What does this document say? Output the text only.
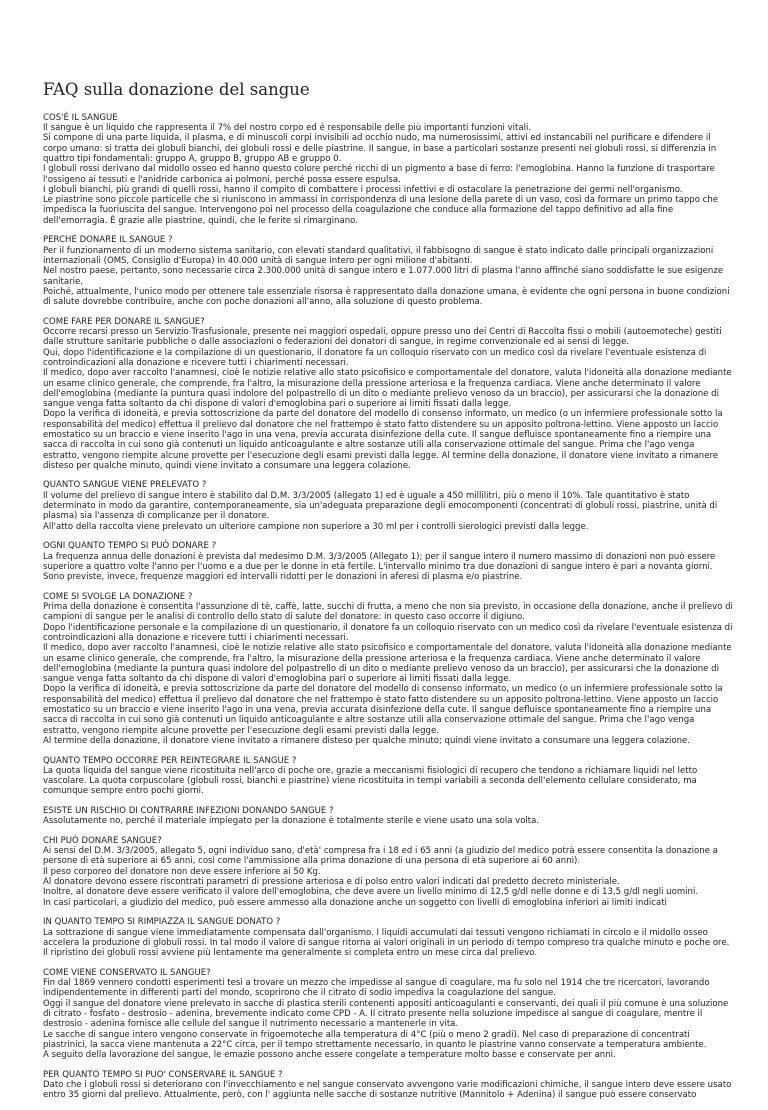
FAQ sulla donazione del sangue

COS'È IL SANGUE

Il sangue è un liquido che rappresenta il 7% del nostro corpo ed è responsabile delle più importanti funzioni vitali.

Si compone di una parte liquida, il plasma, e di minuscoli corpi invisibili ad occhio nudo, ma numerosissimi, attivi ed instancabili nel purificare e difendere il corpo umano: si tratta dei globuli bianchi, dei globuli rossi e delle piastrine. Il sangue, in base a particolari sostanze presenti nei globuli rossi, si differenzia in quattro tipi fondamentali: gruppo A, gruppo B, gruppo AB e gruppo 0.

I globuli rossi derivano dal midollo osseo ed hanno questo colore perché ricchi di un pigmento a base di ferro: l'emoglobina. Hanno la funzione di trasportare l'ossigeno ai tessuti e l'anidride carbonica ai polmoni, perché possa essere espulsa.

I globuli bianchi, più grandi di quelli rossi, hanno il compito di combattere i processi infettivi e di ostacolare la penetrazione dei germi nell'organismo.

Le piastrine sono piccole particelle che si riuniscono in ammassi in corrispondenza di una lesione della parete di un vaso, così da formare un primo tappo che impedisca la fuoriuscita del sangue. Intervengono poi nel processo della coagulazione che conduce alla formazione del tappo definitivo ad alla fine dell'emorragia. È grazie alle piastrine, quindi, che le ferite si rimarginano.

PERCHÉ DONARE IL SANGUE ?

Per il funzionamento di un moderno sistema sanitario, con elevati standard qualitativi, il fabbisogno di sangue è stato indicato dalle principali organizzazioni internazionali (OMS, Consiglio d'Europa) in 40.000 unità di sangue intero per ogni milione d'abitanti.

Nel nostro paese, pertanto, sono necessarie circa 2.300.000 unità di sangue intero e 1.077.000 litri di plasma l'anno affinché siano soddisfatte le sue esigenze sanitarie.

Poiché, attualmente, l'unico modo per ottenere tale essenziale risorsa è rappresentato dalla donazione umana, è evidente che ogni persona in buone condizioni di salute dovrebbe contribuire, anche con poche donazioni all'anno, alla soluzione di questo problema.

COME FARE PER DONARE IL SANGUE?

Occorre recarsi presso un Servizio Trasfusionale, presente nei maggiori ospedali, oppure presso uno dei Centri di Raccolta fissi o mobili (autoemoteche) gestiti dalle strutture sanitarie pubbliche o dalle associazioni o federazioni dei donatori di sangue, in regime convenzionale ed ai sensi di legge.

Qui, dopo l'identificazione e la compilazione di un questionario, il donatore fa un colloquio riservato con un medico così da rivelare l'eventuale esistenza di controindicazioni alla donazione e ricevere tutti i chiarimenti necessari.

Il medico, dopo aver raccolto l'anamnesi, cioè le notizie relative allo stato psicofisico e comportamentale del donatore, valuta l'idoneità alla donazione mediante un esame clinico generale, che comprende, fra l'altro, la misurazione della pressione arteriosa e la frequenza cardiaca. Viene anche determinato il valore dell'emoglobina (mediante la puntura quasi indolore del polpastrello di un dito o mediante prelievo venoso da un braccio), per assicurarsi che la donazione di sangue venga fatta soltanto da chi dispone di valori d'emoglobina pari o superiore ai limiti fissati dalla legge.

Dopo la verifica di idoneità, e previa sottoscrizione da parte del donatore del modello di consenso informato, un medico (o un infermiere professionale sotto la responsabilità del medico) effettua il prelievo dal donatore che nel frattempo è stato fatto distendere su un apposito poltrona-lettino. Viene apposto un laccio emostatico su un braccio e viene inserito l'ago in una vena, previa accurata disinfezione della cute. Il sangue defluisce spontaneamente fino a riempire una sacca di raccolta in cui sono già contenuti un liquido anticoagulante e altre sostanze utili alla conservazione ottimale del sangue. Prima che l'ago venga estratto, vengono riempite alcune provette per l'esecuzione degli esami previsti dalla legge. Al termine della donazione, il donatore viene invitato a rimanere disteso per qualche minuto, quindi viene invitato a consumare una leggera colazione.

QUANTO SANGUE VIENE PRELEVATO ?

Il volume del prelievo di sangue intero è stabilito dal D.M. 3/3/2005 (allegato 1) ed è uguale a 450 millilitri, più o meno il 10%. Tale quantitativo è stato determinato in modo da garantire, contemporaneamente, sia un'adeguata preparazione degli emocomponenti (concentrati di globuli rossi, piastrine, unità di plasma) sia l'assenza di complicanze per il donatore.

All'atto della raccolta viene prelevato un ulteriore campione non superiore a 30 ml per i controlli sierologici previsti dalla legge.

OGNI QUANTO TEMPO SI PUÒ DONARE ?

La frequenza annua delle donazioni è prevista dal medesimo D.M. 3/3/2005 (Allegato 1); per il sangue intero il numero massimo di donazioni non può essere superiore a quattro volte l'anno per l'uomo e a due per le donne in età fertile. L'intervallo minimo tra due donazioni di sangue intero è pari a novanta giorni.

Sono previste, invece, frequenze maggiori ed intervalli ridotti per le donazioni in aferesi di plasma e/o piastrine.

COME SI SVOLGE LA DONAZIONE ?

Prima della donazione è consentita l'assunzione di tè, caffè, latte, succhi di frutta, a meno che non sia previsto, in occasione della donazione, anche il prelievo di campioni di sangue per le analisi di controllo dello stato di salute del donatore: in questo caso occorre il digiuno.

Dopo l'identificazione personale e la compilazione di un questionario, il donatore fa un colloquio riservato con un medico così da rivelare l'eventuale esistenza di controindicazioni alla donazione e ricevere tutti i chiarimenti necessari.

Il medico, dopo aver raccolto l'anamnesi, cioè le notizie relative allo stato psicofisico e comportamentale del donatore, valuta l'idoneità alla donazione mediante un esame clinico generale, che comprende, fra l'altro, la misurazione della pressione arteriosa e la frequenza cardiaca. Viene anche determinato il valore dell'emoglobina (mediante la puntura quasi indolore del polpastrello di un dito o mediante prelievo venoso da un braccio), per assicurarsi che la donazione di sangue venga fatta soltanto da chi dispone di valori d'emoglobina pari o superiore ai limiti fissati dalla legge.

Dopo la verifica di idoneità, e previa sottoscrizione da parte del donatore del modello di consenso informato, un medico (o un infermiere professionale sotto la responsabilità del medico) effettua il prelievo dal donatore che nel frattempo è stato fatto distendere su un apposito poltrona-lettino. Viene apposto un laccio emostatico su un braccio e viene inserito l'ago in una vena, previa accurata disinfezione della cute. Il sangue defluisce spontaneamente fino a riempire una sacca di raccolta in cui sono già contenuti un liquido anticoagulante e altre sostanze utili alla conservazione ottimale del sangue. Prima che l'ago venga estratto, vengono riempite alcune provette per l'esecuzione degli esami previsti dalla legge.

Al termine della donazione, il donatore viene invitato a rimanere disteso per qualche minuto; quindi viene invitato a consumare una leggera colazione.

QUANTO TEMPO OCCORRE PER REINTEGRARE IL SANGUE ?

La quota liquida del sangue viene ricostituita nell'arco di poche ore, grazie a meccanismi fisiologici di recupero che tendono a richiamare liquidi nel letto vascolare. La quota corpuscolare (globuli rossi, bianchi e piastrine) viene ricostituita in tempi variabili a seconda dell'elemento cellulare considerato, ma comunque sempre entro pochi giorni.

ESISTE UN RISCHIO DI CONTRARRE INFEZIONI DONANDO SANGUE ?

Assolutamente no, perché il materiale impiegato per la donazione è totalmente sterile e viene usato una sola volta.

CHI PUÒ DONARE SANGUE?

Ai sensi del D.M. 3/3/2005, allegato 5, ogni individuo sano, d'età' compresa fra i 18 ed i 65 anni (a giudizio del medico potrà essere consentita la donazione a persone di età superiore ai 65 anni, così come l'ammissione alla prima donazione di una persona di età superiore ai 60 anni).

Il peso corporeo del donatore non deve essere inferiore ai 50 Kg.

Al donatore devono essere riscontrati parametri di pressione arteriosa e di polso entro valori indicati dal predetto decreto ministeriale.

Inoltre, al donatore deve essere verificato il valore dell'emoglobina, che deve avere un livello minimo di 12,5 g/dl nelle donne e di 13,5 g/dl negli uomini.

In casi particolari, a giudizio del medico, può essere ammesso alla donazione anche un soggetto con livelli di emoglobina inferiori ai limiti indicati

IN QUANTO TEMPO SI RIMPIAZZA IL SANGUE DONATO ?

La sottrazione di sangue viene immediatamente compensata dall'organismo. I liquidi accumulati dai tessuti vengono richiamati in circolo e il midollo osseo accelera la produzione di globuli rossi. In tal modo il valore di sangue ritorna ai valori originali in un periodo di tempo compreso tra qualche minuto e poche ore.

Il ripristino dei globuli rossi avviene più lentamente ma generalmente si completa entro un mese circa dal prelievo.

COME VIENE CONSERVATO IL SANGUE?

Fin dal 1869 vennero condotti esperimenti tesi a trovare un mezzo che impedisse al sangue di coagulare, ma fu solo nel 1914 che tre ricercatori, lavorando indipendentemente in differenti parti del mondo, scoprirono che il citrato di sodio impediva la coagulazione del sangue.

Oggi il sangue del donatore viene prelevato in sacche di plastica sterili contenenti appositi anticoagulanti e conservanti, dei quali il più comune è una soluzione di citrato - fosfato - destrosio - adenina, brevemente indicato come CPD - A. Il citrato presente nella soluzione impedisce al sangue di coagulare, mentre il destrosio - adenina fornisce alle cellule del sangue il nutrimento necessario a mantenerle in vita.

Le sacche di sangue intero vengono conservate in frigoemoteche alla temperatura di 4°C (più o meno 2 gradi). Nel caso di preparazione di concentrati piastrinici, la sacca viene mantenuta a 22°C circa, per il tempo strettamente necessario, in quanto le piastrine vanno conservate a temperatura ambiente.

A seguito della lavorazione del sangue, le emazie possono anche essere congelate a temperature molto basse e conservate per anni.

PER QUANTO TEMPO SI PUO' CONSERVARE IL SANGUE ?

Dato che i globuli rossi si deteriorano con l'invecchiamento e nel sangue conservato avvengono varie modificazioni chimiche, il sangue intero deve essere usato entro 35 giorni dal prelievo. Attualmente, però, con l' aggiunta nelle sacche di sostanze nutritive (Mannitolo + Adenina) il sangue può essere conservato
